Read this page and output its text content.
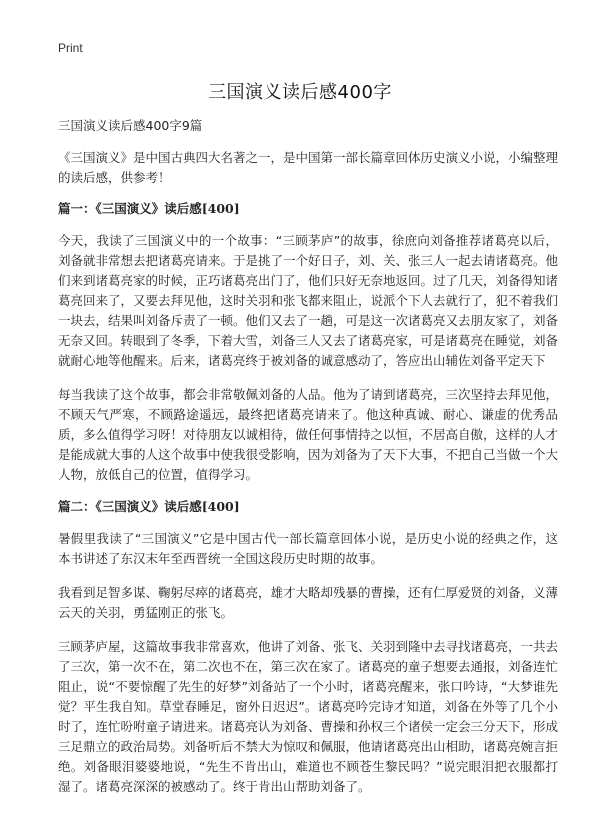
Print
三国演义读后感400字
三国演义读后感400字9篇

《三国演义》是中国古典四大名著之一，是中国第一部长篇章回体历史演义小说，小编整理的读后感，供参考！

篇一：《三国演义》读后感[400]

今天，我读了三国演义中的一个故事：“三顾茅庐”的故事，徐庶向刘备推荐诸葛亮以后，刘备就非常想去把诸葛亮请来。于是挑了一个好日子，刘、关、张三人一起去请诸葛亮。他们来到诸葛亮家的时候，正巧诸葛亮出门了，他们只好无奈地返回。过了几天，刘备得知诸葛亮回来了，又要去拜见他，这时关羽和张飞都来阻止，说派个下人去就行了，犯不着我们一块去，结果叫刘备斥责了一顿。他们又去了一趟，可是这一次诸葛亮又去朋友家了，刘备无奈又回。转眼到了冬季，下着大雪，刘备三人又去了诸葛亮家，可是诸葛亮在睡觉，刘备就耐心地等他醒来。后来，诸葛亮终于被刘备的诚意感动了，答应出山辅佐刘备平定天下

每当我读了这个故事，都会非常敬佩刘备的人品。他为了请到诸葛亮，三次坚持去拜见他，不顾天气严寒，不顾路途遥远，最终把诸葛亮请来了。他这种真诚、耐心、谦虚的优秀品质，多么值得学习呀！对待朋友以诚相待，做任何事情持之以恒，不居高自傲，这样的人才是能成就大事的人这个故事中使我很受影响，因为刘备为了天下大事，不把自己当做一个大人物，放低自己的位置，值得学习。

篇二：《三国演义》读后感[400]

暑假里我读了“三国演义”它是中国古代一部长篇章回体小说，是历史小说的经典之作，这本书讲述了东汉末年至西晋统一全国这段历史时期的故事。

我看到足智多谋、鞠躬尽瘁的诸葛亮，雄才大略却残暴的曹操，还有仁厚爱贤的刘备，义薄云天的关羽，勇猛刚正的张飞。

三顾茅庐屋，这篇故事我非常喜欢，他讲了刘备、张飞、关羽到隆中去寻找诸葛亮，一共去了三次，第一次不在，第二次也不在，第三次在家了。诸葛亮的童子想要去通报，刘备连忙阻止，说“不要惊醒了先生的好梦”刘备站了一个小时，诸葛亮醒来，张口吟诗，“大梦谁先觉？平生我自知。草堂春睡足，窗外日迟迟”。诸葛亮吟完诗才知道，刘备在外等了几个小时了，连忙吩咐童子请进来。诸葛亮认为刘备、曹操和孙权三个诸侯一定会三分天下，形成三足鼎立的政治局势。刘备听后不禁大为惊叹和佩服，他请诸葛亮出山相助，诸葛亮婉言拒绝。刘备眼泪婆婆地说，“先生不肯出山，难道也不顾苍生黎民吗？”说完眼泪把衣服都打湿了。诸葛亮深深的被感动了。终于肯出山帮助刘备了。
